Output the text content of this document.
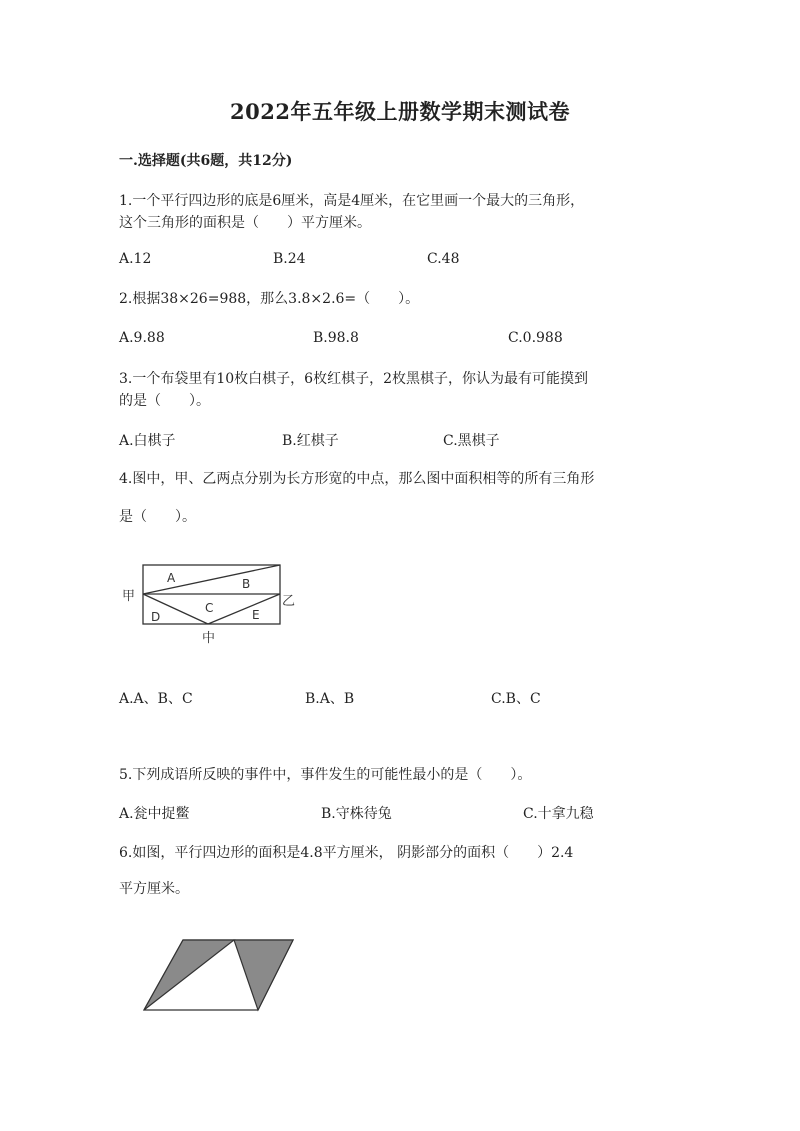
2022年五年级上册数学期末测试卷
一.选择题(共6题，共12分)
1.一个平行四边形的底是6厘米，高是4厘米，在它里画一个最大的三角形，
这个三角形的面积是（　　）平方厘米。
A.12	B.24	C.48
2.根据38×26=988，那么3.8×2.6=（　　）。
A.9.88	B.98.8	C.0.988
3.一个布袋里有10枚白棋子，6枚红棋子，2枚黑棋子，你认为最有可能摸到
的是（　　）。
A.白棋子	B.红棋子	C.黑棋子
4.图中，甲、乙两点分别为长方形宽的中点，那么图中面积相等的所有三角形
是（　　）。
A	B
C
D	E
甲	乙
中
A.A、B、C	B.A、B	C.B、C
5.下列成语所反映的事件中，事件发生的可能性最小的是（　　）。
A.瓮中捉鳖	B.守株待兔	C.十拿九稳
6.如图，平行四边形的面积是4.8平方厘米， 阴影部分的面积（　　）2.4
平方厘米。
